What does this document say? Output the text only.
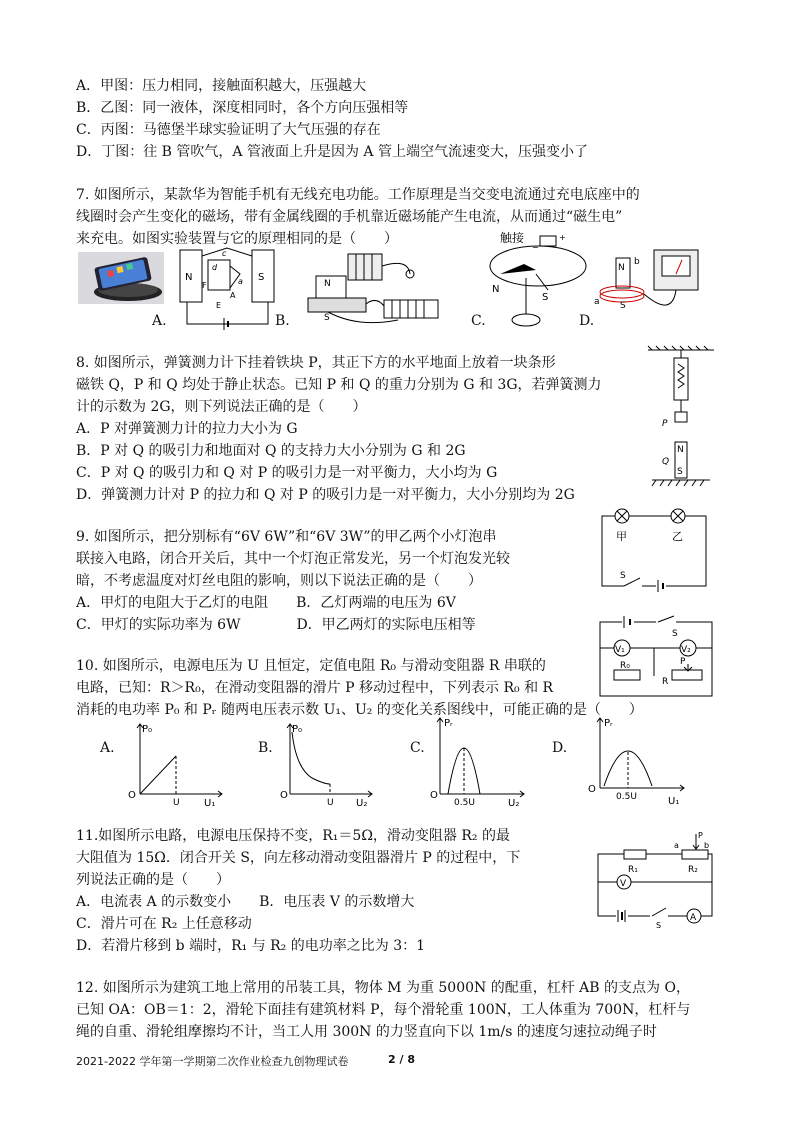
A．甲图：压力相同，接触面积越大，压强越大
B．乙图：同一液体，深度相同时，各个方向压强相等
C．丙图：马德堡半球实验证明了大气压强的存在
D．丁图：往 B 管吹气，A 管液面上升是因为 A 管上端空气流速变大，压强变小了
7. 如图所示，某款华为智能手机有无线充电功能。工作原理是当交变电流通过充电底座中的
线圈时会产生变化的磁场，带有金属线圈的手机靠近磁场能产生电流，从而通过“磁生电”
来充电。如图实验装置与它的原理相同的是（　　）
N	S
c
d
a
F
A
E
A.
N
S
B.
触接	+
−
N
S
C.
N
b
a S
D.
8. 如图所示，弹簧测力计下挂着铁块 P，其正下方的水平地面上放着一块条形
磁铁 Q，P 和 Q 均处于静止状态。已知 P 和 Q 的重力分别为 G 和 3G，若弹簧测力
计的示数为 2G，则下列说法正确的是（　　）
A．P 对弹簧测力计的拉力大小为 G
B．P 对 Q 的吸引力和地面对 Q 的支持力大小分别为 G 和 2G
C．P 对 Q 的吸引力和 Q 对 P 的吸引力是一对平衡力，大小均为 G
D．弹簧测力计对 P 的拉力和 Q 对 P 的吸引力是一对平衡力，大小分别均为 2G
P
N
S
Q
9. 如图所示，把分别标有“6V 6W”和“6V 3W”的甲乙两个小灯泡串
联接入电路，闭合开关后，其中一个灯泡正常发光，另一个灯泡发光较
暗，不考虑温度对灯丝电阻的影响，则以下说法正确的是（　　）
A．甲灯的电阻大于乙灯的电阻　　B．乙灯两端的电压为 6V
C．甲灯的实际功率为 6W　　　　D．甲乙两灯的实际电压相等
甲	乙
S
10. 如图所示，电源电压为 U 且恒定，定值电阻 R₀ 与滑动变阻器 R 串联的
电路，已知：R＞R₀，在滑动变阻器的滑片 P 移动过程中，下列表示 R₀ 和 R
消耗的电功率 P₀ 和 Pᵣ 随两电压表示数 U₁、U₂ 的变化关系图线中，可能正确的是（　　）
S
V₁	V₂
R₀
R
P
A.
P₀
O
U U₁
B.
P₀
O
U U₂
C.
Pᵣ
O
0.5U	U₂
D.
Pᵣ
O
0.5U	U₁
11.如图所示电路，电源电压保持不变，R₁＝5Ω，滑动变阻器 R₂ 的最
大阻值为 15Ω．闭合开关 S，向左移动滑动变阻器滑片 P 的过程中，下
列说法正确的是（　　）
A．电流表 A 的示数变小　　B．电压表 V 的示数增大
C．滑片可在 R₂ 上任意移动
D．若滑片移到 b 端时，R₁ 与 R₂ 的电功率之比为 3：1
R₁	R₂
a	b
P
V
S
A
12. 如图所示为建筑工地上常用的吊装工具，物体 M 为重 5000N 的配重，杠杆 AB 的支点为 O，
已知 OA：OB＝1：2，滑轮下面挂有建筑材料 P，每个滑轮重 100N，工人体重为 700N，杠杆与
绳的自重、滑轮组摩擦均不计，当工人用 300N 的力竖直向下以 1m/s 的速度匀速拉动绳子时
2021-2022 学年第一学期第二次作业检查九创物理试卷	2 / 8
